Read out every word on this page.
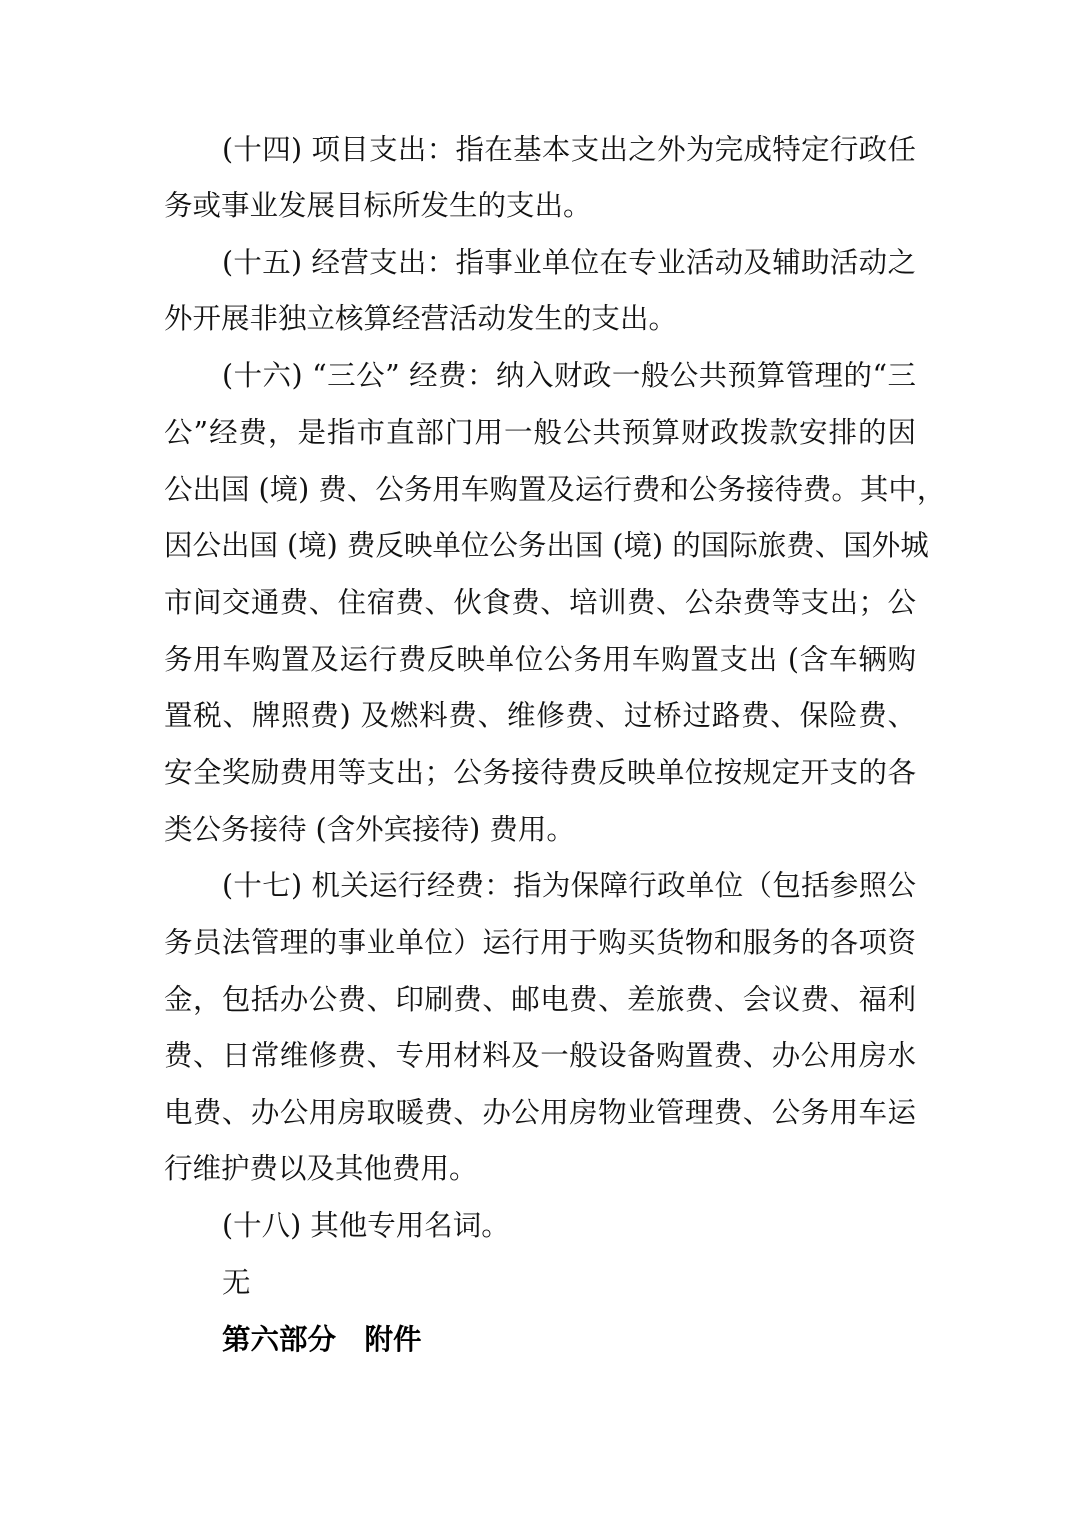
(十四) 项目支出：指在基本支出之外为完成特定行政任
务或事业发展目标所发生的支出。
(十五) 经营支出：指事业单位在专业活动及辅助活动之
外开展非独立核算经营活动发生的支出。
(十六) “三公” 经费：纳入财政一般公共预算管理的“三
公”经费，是指市直部门用一般公共预算财政拨款安排的因
公出国 (境) 费、公务用车购置及运行费和公务接待费。其中，
因公出国 (境) 费反映单位公务出国 (境) 的国际旅费、国外城
市间交通费、住宿费、伙食费、培训费、公杂费等支出；公
务用车购置及运行费反映单位公务用车购置支出 (含车辆购
置税、牌照费) 及燃料费、维修费、过桥过路费、保险费、
安全奖励费用等支出；公务接待费反映单位按规定开支的各
类公务接待 (含外宾接待) 费用。
(十七) 机关运行经费：指为保障行政单位（包括参照公
务员法管理的事业单位）运行用于购买货物和服务的各项资
金，包括办公费、印刷费、邮电费、差旅费、会议费、福利
费、日常维修费、专用材料及一般设备购置费、办公用房水
电费、办公用房取暖费、办公用房物业管理费、公务用车运
行维护费以及其他费用。
(十八) 其他专用名词。
无
第六部分　附件
